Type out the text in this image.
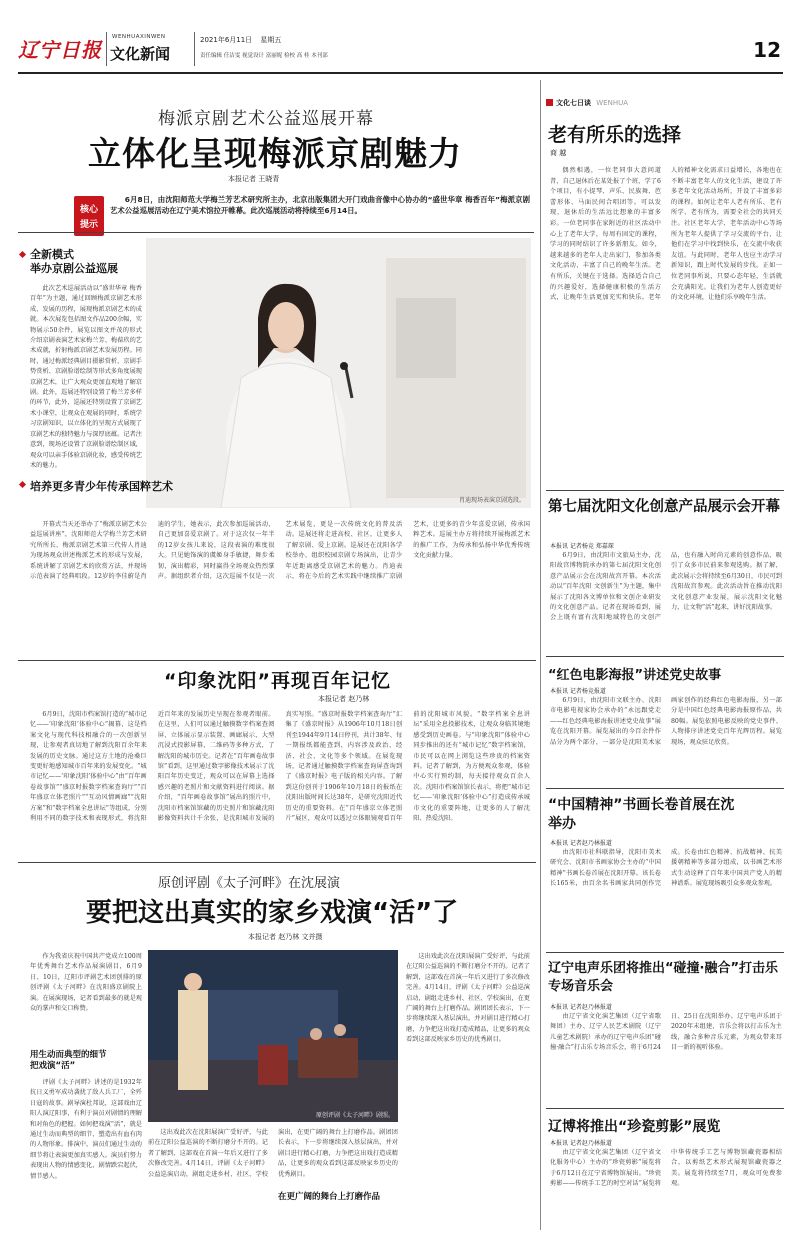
辽宁日报
WENHUAXINWEN
文化新闻
2021年6月11日 星期五
责任编辑 任洁雯 视觉设计 富丽妮 检校 高 桂 本刊部	12
梅派京剧艺术公益巡展开幕
立体化呈现梅派京剧魅力
本报记者 王晓青
核心
提示
6月8日，由沈阳师范大学梅兰芳艺术研究所主办，北京出版集团大开门戏曲音像中心协办的“盛世华章 梅香百年”梅派京剧艺术公益巡展活动在辽宁美术馆拉开帷幕。此次巡展活动将持续至6月14日。
全新模式
举办京剧公益巡展
此次艺术巡展活动以“盛世华章 梅香百年”为主题，通过回顾梅派京剧艺术形成、发展的历程，展现梅派京剧艺术的成就。本次展览包括图文作品200余幅，实物展示50余件，展览以图文并茂的形式介绍京剧表演艺术家梅兰芳、梅葆玖的艺术成就，折射梅派京剧艺术发展历程。同时，通过梅派经典剧目摄影赏析，京剧手势赏析、京剧脸谱绘制等形式多角度展现京剧艺术，让广大观众更加直观地了解京剧。此外，巡展还特别设置了梅兰芳多样的环节，此外，巡展还特别设置了京剧艺术小课堂，让观众在观展的同时，系统学习京剧知识，以立体化的呈现方式展现了京剧艺术的独特魅力与深厚底蕴。记者注意到，现场还设置了京剧脸谱绘制区域，观众可以亲手体验京剧化妆，感受传统艺术的魅力。
肖迪现场表演京剧选段。
培养更多青少年传承国粹艺术
开幕式当天还举办了“梅派京剧艺术公益巡展讲座”，沈阳师范大学梅兰芳艺术研究所所长、梅派京剧艺术第三代传人肖迪为现场观众讲述梅派艺术的形成与发展，系统讲解了京剧艺术的欣赏方法，并现场示范表演了经典唱段。12岁的李佳蔚是肖迪的学生，她表示，此次参加巡展活动，自己更加喜爱京剧了。对于这次仅一年半的12岁女孩儿来说，这段表演的难度很大。只见她饰演的虞姬身手敏捷，舞步柔韧，演出精彩，同时赢得全场观众热烈掌声。据组织者介绍，这次巡展不仅是一次艺术展览，更是一次传统文化的普及活动。巡展还将走进高校、社区，让更多人了解京剧、爱上京剧。巡展还在沈阳各学校举办，组织校园京剧专场演出，让青少年近距离感受京剧艺术的魅力。肖迪表示，将在今后的艺术实践中继续推广京剧艺术，让更多的青少年喜爱京剧，传承国粹艺术。巡展主办方将持续开展梅派艺术的推广工作，为传承和弘扬中华优秀传统文化贡献力量。
“印象沈阳”再现百年记忆
本报记者 赵乃林
6月9日，沈阳市档案馆打造的“城市记忆——‘印象沈阳’体验中心”揭幕，这是档案文化与现代科技相融合的一次创新呈现，让参观者真切地了解到沈阳百余年来发展的历史文脉。通过这方土地的沧桑巨变更好地感知城市百年来的发展变化。“城市记忆——‘印象沈阳’体验中心”由“百年画卷故事馆”“盛京时报数字档案查询厅”“百年盛京立体老照片”“互动风情画廊”“沈阳方案”和“数字档案全息讲坛”等组成，分别利用不同的数字技术和表现形式，将沈阳近百年来的发展历史呈现在参观者眼前。在这里，人们可以通过触摸数字档案查阅屏，立体展示显示装置、画廊展示、大型沉浸式投影屏幕，二维码等多种方式，了解沈阳的城市历史。记者在“百年画卷故事馆”看到，这里通过数字影像技术展示了沈阳百年历史变迁，观众可以在屏幕上选择感兴趣的老照片和文献资料进行阅读。据介绍，“百年画卷故事馆”展出的照片中，沈阳市档案馆馆藏的历史照片和馆藏沈阳影像资料共计千余张，是沈阳城市发展的真实写照。“盛京时报数字档案查询厅”汇集了《盛京时报》从1906年10月18日创刊至1944年9月14日停刊，共计38年、每一期报纸都能查到，内容涉及政治、经济、社会、文化等多个领域。在展览现场，记者通过触摸数字档案查询屏查询到了《盛京时报》电子版的相关内容。了解到这份创刊于1906年10月18日的报纸在沈阳出版时间长达38年，是研究沈阳近代历史的重要资料。在“百年盛京立体老照片”展区，观众可以透过立体眼镜观看百年前的沈阳城市风貌。“数字档案全息讲坛”采用全息投影技术，让观众身临其境地感受到历史画卷。与“印象沈阳”体验中心同步推出的还有“城市记忆”数字档案馆，市民可以在网上浏览这些珍贵的档案资料。记者了解到，为方便观众参观，体验中心实行预约制，每天接待观众百余人次。沈阳市档案馆馆长表示，将把“城市记忆——‘印象沈阳’体验中心”打造成传承城市文化的重要阵地，让更多的人了解沈阳、热爱沈阳。
原创评剧《太子河畔》在沈展演
要把这出真实的家乡戏演“活”了
本报记者 赵乃林 文并摄
作为我省庆祝中国共产党成立100周年优秀舞台艺术作品展演剧目，6月9日、10日，辽阳市评剧艺术团创排的原创评剧《太子河畔》在沈阳盛京剧院上演。在展演现场，记者看到最多的就是观众的掌声和交口称赞。
用生动而典型的细节
把戏演“活”
评剧《太子河畔》讲述的是1932年抗日义勇军成功袭扰了敌人兵工厂，全歼日寇的故事。剧导演杜邦说，这部戏由辽阳人演辽阳事，有利于演员对剧情的理解和对角色的把握。如何把戏演“活”，就是通过生动而典型的细节，塑造出有血有肉的人物形象。排演中，演员们通过生动的细节将让表演更加真实感人。演员们努力表现出人物的情感变化，剧情跌宕起伏，情节感人。
原创评剧《太子河畔》剧照。

这出戏此次在沈阳展演广受好评，与此前在辽阳公益巡演的不断打磨分不开的。记者了解到，这部戏在首演一年后又进行了多次修改完善。4月14日，评剧《太子河畔》公益巡演启动，剧组走进乡村、社区、学校演出，在更广阔的舞台上打磨作品。剧团团长表示，下一步将继续深入基层演出，并对剧目进行精心打磨，力争把这出戏打造成精品，让更多的观众看到这部反映家乡历史的优秀剧目。

在更广阔的舞台上打磨作品
这出戏此次在沈阳展演广受好评，与此前在辽阳公益巡演的不断打磨分不开的。记者了解到，这部戏在首演一年后又进行了多次修改完善。4月14日，评剧《太子河畔》公益巡演启动，剧组走进乡村、社区、学校演出，在更广阔的舞台上打磨作品。剧团团长表示，下一步将继续深入基层演出，并对剧目进行精心打磨，力争把这出戏打造成精品，让更多的观众看到这部反映家乡历史的优秀剧目。
文化七日谈 WENHUA
老有所乐的选择
商 越
偶然相遇，一位老同事大意问道昔，自己退休后在某处报了个班，学了6个项目，有小提琴、声乐、民族舞、芭蕾形体、马面民间合唱团等。可以发现，退休后的生活远比想象的丰富多彩。一位老同事在家附近的社区活动中心上了老年大学，每周有固定的课程，学习的同时结识了许多新朋友。如今，越来越多的老年人走出家门，参加各类文化活动，丰富了自己的晚年生活。老有所乐，关键在于选择。选择适合自己的兴趣爱好，选择健康积极的生活方式，让晚年生活更加充实和快乐。老年人的精神文化需求日益增长，各地也在不断丰富老年人的文化生活，建设了许多老年文化活动场所，开设了丰富多彩的课程。如何让老年人老有所乐、老有所学、老有所为，需要全社会的共同关注。社区老年大学、老年活动中心等场所为老年人提供了学习交流的平台，让他们在学习中找到快乐，在交流中收获友谊。与此同时，老年人也应主动学习新知识，跟上时代发展的步伐。正如一位老同事所说，只要心态年轻，生活就会充满阳光。让我们为老年人创造更好的文化环境，让他们乐享晚年生活。
第七届沈阳文化创意产品展示会开幕
本报讯 记者杨竞 郑嘉琛
6月9日，由沈阳市文旅局主办，沈阳故宫博物院承办的第七届沈阳文化创意产品展示会在沈阳故宫开幕。本次活动以“百年沈阳 文创新生”为主题，集中展示了沈阳各文博单位和文创企业研发的文化创意产品。记者在现场看到，展会上既有富有沈阳地域特色的文创产品，也有融入时尚元素的创意作品，吸引了众多市民前来参观选购。据了解，此次展示会将持续至6月30日，市民可到沈阳故宫参观。此次活动旨在推动沈阳文化创意产业发展，展示沈阳文化魅力，让文物“活”起来，讲好沈阳故事。
“红色电影海报”讲述党史故事
本报讯 记者杨竞报道
6月9日，由沈阳市文联主办、沈阳市电影电视家协会承办的“永远跟党走——红色经典电影海报讲述党史故事”展览在沈阳开幕。展览展出的今百余件作品分为两个部分，一部分是沈阳美术家画家创作的经典红色电影海报，另一部分是中国红色经典电影海报原作品，共80幅。展览依照电影反映的党史事件、人物排序讲述党史百年光辉历程。展览现场，观众驻足欣赏。
“中国精神”书画长卷首展在沈举办
本报讯 记者赵乃林报道
由沈阳市社科联指导，沈阳市美术研究会、沈阳市书画家协会主办的“中国精神”书画长卷首展在沈阳开幕。该长卷长165米，由百余名书画家共同创作完成。长卷由红色精神、抗战精神、抗美援朝精神等多部分组成，以书画艺术形式生动诠释了百年来中国共产党人的精神谱系。展览现场吸引众多观众参观。
辽宁电声乐团将推出“碰撞·融合”打击乐专场音乐会
本报讯 记者赵乃林报道
由辽宁省文化演艺集团（辽宁省歌舞团）主办、辽宁人民艺术剧院（辽宁儿童艺术剧院）承办的辽宁电声乐团“碰撞·融合”打击乐专场音乐会，将于6月24日、25日在沈阳举办。辽宁电声乐团于2020年末组建，音乐会将以打击乐为主线，融合多种音乐元素，为观众带来耳目一新的视听体验。
辽博将推出“珍瓷剪影”展览
本报讯 记者赵乃林报道
由辽宁省文化演艺集团（辽宁省文化服务中心）主办的“珍瓷剪影”展览将于6月12日在辽宁省博物馆展出。“珍瓷剪影——传统手工艺的时空对话”展览将中华传统手工艺与博物馆藏瓷器相结合，以剪纸艺术形式展现馆藏瓷器之美。展览将持续至7月，观众可免费参观。
